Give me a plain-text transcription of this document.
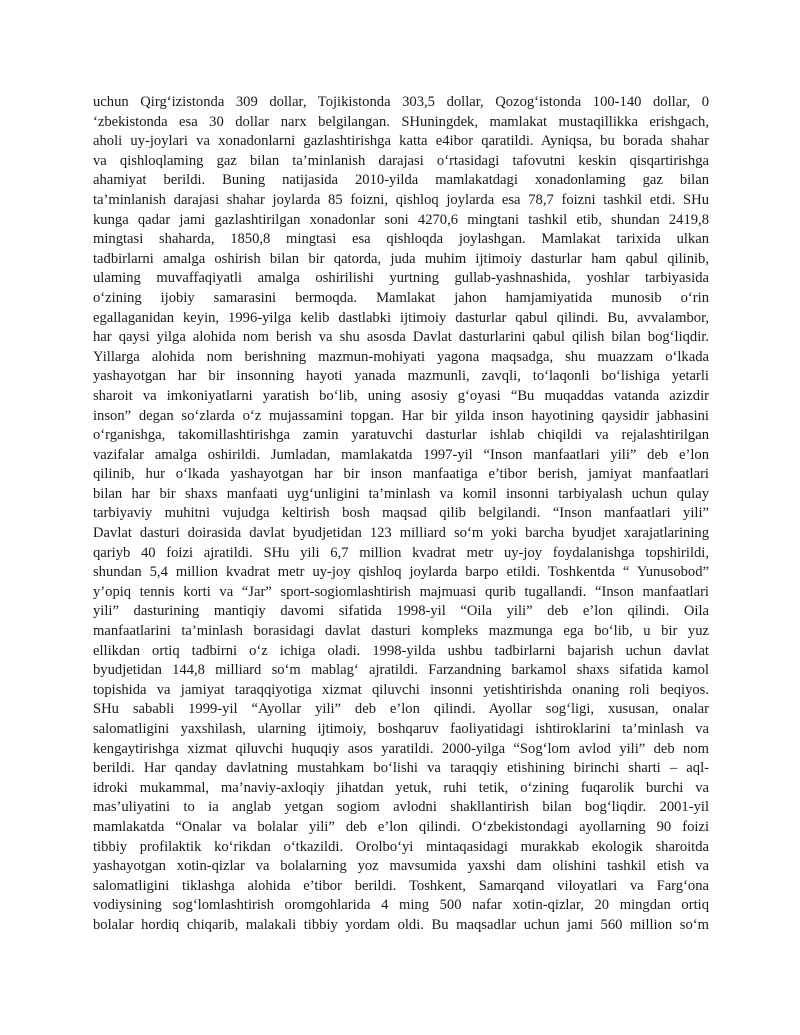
uchun Qirg‘izistonda 309 dollar, Tojikistonda 303,5 dollar, Qozog‘istonda 100-140 dollar, 0
‘zbekistonda esa 30 dollar narx belgilangan. SHuningdek, mamlakat mustaqillikka erishgach,
aholi uy-joylari va xonadonlarni gazlashtirishga katta e4ibor qaratildi. Ayniqsa, bu borada shahar
va qishloqlaming gaz bilan ta’minlanish darajasi o‘rtasidagi tafovutni keskin qisqartirishga
ahamiyat berildi. Buning natijasida 2010-yilda mamlakatdagi xonadonlaming gaz bilan
ta’minlanish darajasi shahar joylarda 85 foizni, qishloq joylarda esa 78,7 foizni tashkil etdi. SHu
kunga qadar jami gazlashtirilgan xonadonlar soni 4270,6 mingtani tashkil etib, shundan 2419,8
mingtasi shaharda, 1850,8 mingtasi esa qishloqda joylashgan. Mamlakat tarixida ulkan
tadbirlarni amalga oshirish bilan bir qatorda, juda muhim ijtimoiy dasturlar ham qabul qilinib,
ulaming muvaffaqiyatli amalga oshirilishi yurtning gullab-yashnashida, yoshlar tarbiyasida
o‘zining ijobiy samarasini bermoqda. Mamlakat jahon hamjamiyatida munosib o‘rin
egallaganidan keyin, 1996-yilga kelib dastlabki ijtimoiy dasturlar qabul qilindi. Bu, avvalambor,
har qaysi yilga alohida nom berish va shu asosda Davlat dasturlarini qabul qilish bilan bog‘liqdir.
Yillarga alohida nom berishning mazmun-mohiyati yagona maqsadga, shu muazzam o‘lkada
yashayotgan har bir insonning hayoti yanada mazmunli, zavqli, to‘laqonli bo‘lishiga yetarli
sharoit va imkoniyatlarni yaratish bo‘lib, uning asosiy g‘oyasi “Bu muqaddas vatanda azizdir
inson” degan so‘zlarda o‘z mujassamini topgan. Har bir yilda inson hayotining qaysidir jabhasini
o‘rganishga, takomillashtirishga zamin yaratuvchi dasturlar ishlab chiqildi va rejalashtirilgan
vazifalar amalga oshirildi. Jumladan, mamlakatda 1997-yil “Inson manfaatlari yili” deb e’lon
qilinib, hur o‘lkada yashayotgan har bir inson manfaatiga e’tibor berish, jamiyat manfaatlari
bilan har bir shaxs manfaati uyg‘unligini ta’minlash va komil insonni tarbiyalash uchun qulay
tarbiyaviy muhitni vujudga keltirish bosh maqsad qilib belgilandi. “Inson manfaatlari yili”
Davlat dasturi doirasida davlat byudjetidan 123 milliard so‘m yoki barcha byudjet xarajatlarining
qariyb 40 foizi ajratildi. SHu yili 6,7 million kvadrat metr uy-joy foydalanishga topshirildi,
shundan 5,4 million kvadrat metr uy-joy qishloq joylarda barpo etildi. Toshkentda “ Yunusobod”
y’opiq tennis korti va “Jar” sport-sogiomlashtirish majmuasi qurib tugallandi. “Inson manfaatlari
yili” dasturining mantiqiy davomi sifatida 1998-yil “Oila yili” deb e’lon qilindi. Oila
manfaatlarini ta’minlash borasidagi davlat dasturi kompleks mazmunga ega bo‘lib, u bir yuz
ellikdan ortiq tadbirni o‘z ichiga oladi. 1998-yilda ushbu tadbirlarni bajarish uchun davlat
byudjetidan 144,8 milliard so‘m mablag‘ ajratildi. Farzandning barkamol shaxs sifatida kamol
topishida va jamiyat taraqqiyotiga xizmat qiluvchi insonni yetishtirishda onaning roli beqiyos.
SHu sababli 1999-yil “Ayollar yili” deb e’lon qilindi. Ayollar sog‘ligi, xususan, onalar
salomatligini yaxshilash, ularning ijtimoiy, boshqaruv faoliyatidagi ishtiroklarini ta’minlash va
kengaytirishga xizmat qiluvchi huquqiy asos yaratildi. 2000-yilga “Sog‘lom avlod yili” deb nom
berildi. Har qanday davlatning mustahkam bo‘lishi va taraqqiy etishining birinchi sharti – aql-
idroki mukammal, ma’naviy-axloqiy jihatdan yetuk, ruhi tetik, o‘zining fuqarolik burchi va
mas’uliyatini to ia anglab yetgan sogiom avlodni shakllantirish bilan bog‘liqdir. 2001-yil
mamlakatda “Onalar va bolalar yili” deb e’lon qilindi. O‘zbekistondagi ayollarning 90 foizi
tibbiy profilaktik ko‘rikdan o‘tkazildi. Orolbo‘yi mintaqasidagi murakkab ekologik sharoitda
yashayotgan xotin-qizlar va bolalarning yoz mavsumida yaxshi dam olishini tashkil etish va
salomatligini tiklashga alohida e’tibor berildi. Toshkent, Samarqand viloyatlari va Farg‘ona
vodiysining sog‘lomlashtirish oromgohlarida 4 ming 500 nafar xotin-qizlar, 20 mingdan ortiq
bolalar hordiq chiqarib, malakali tibbiy yordam oldi. Bu maqsadlar uchun jami 560 million so‘m
